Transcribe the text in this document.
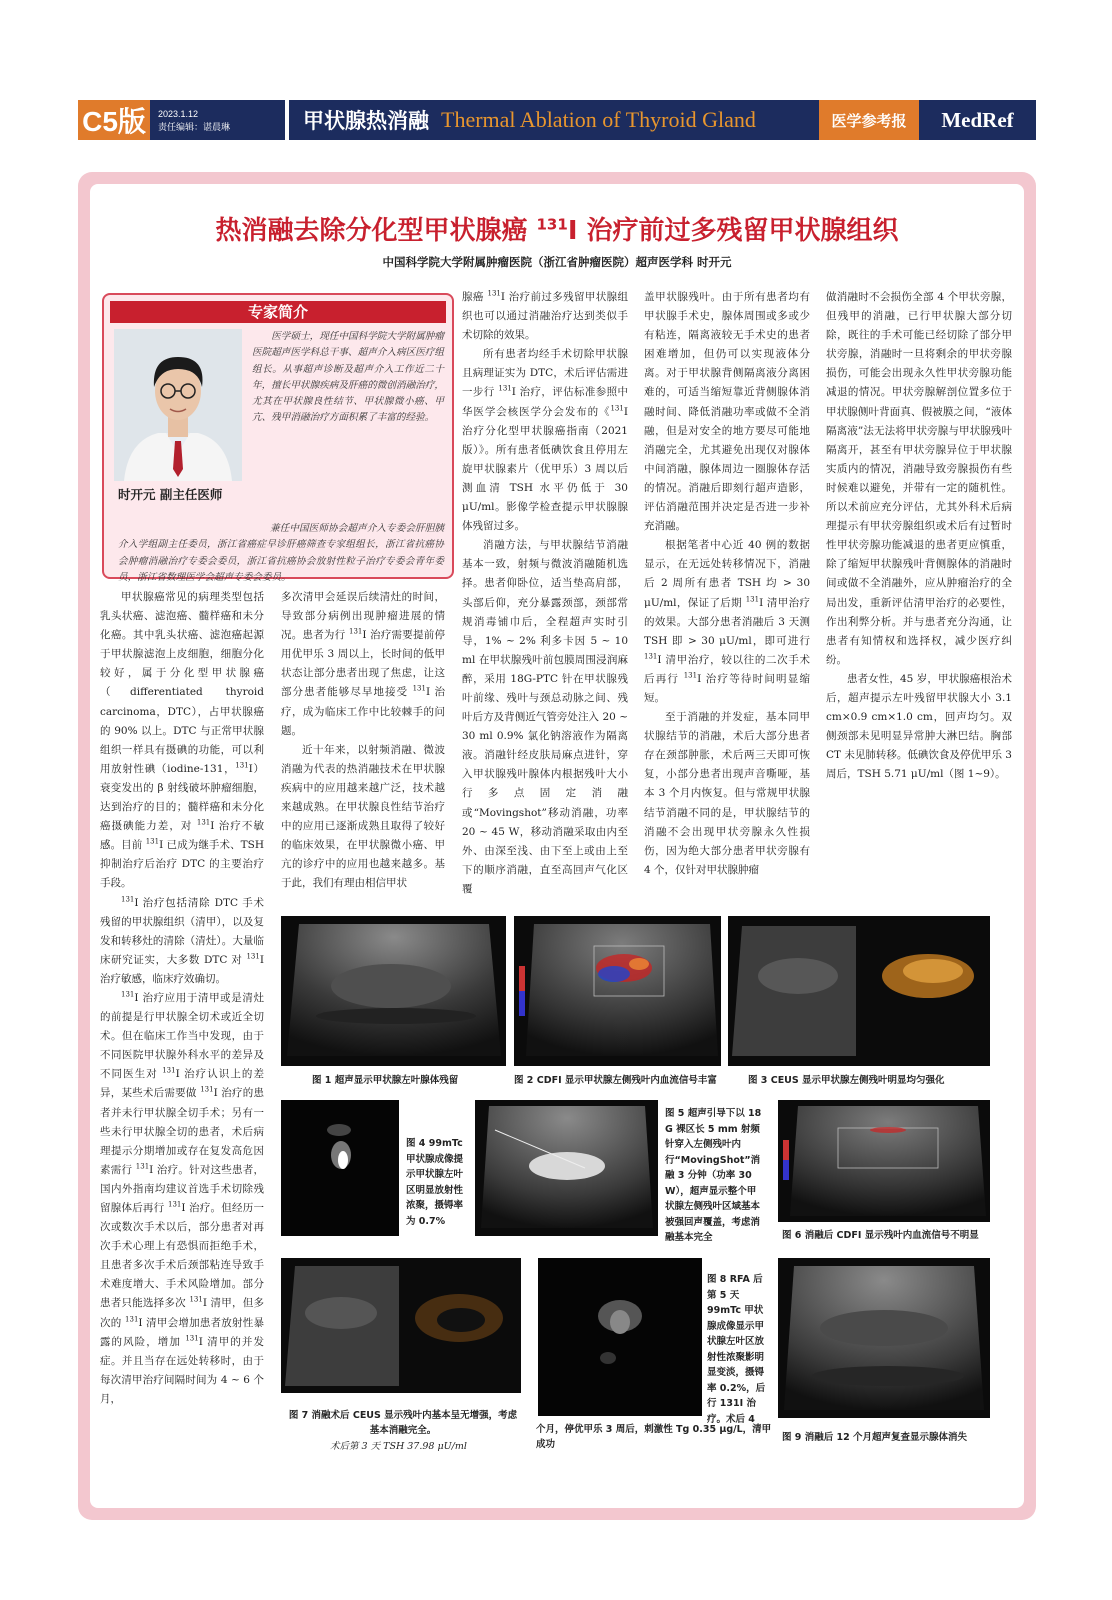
C5版	2023.1.12
责任编辑：谌晨琳	甲状腺热消融 Thermal Ablation of Thyroid Gland	医学参考报	MedRef
热消融去除分化型甲状腺癌 $^{131}$I 治疗前过多残留甲状腺组织
中国科学院大学附属肿瘤医院（浙江省肿瘤医院）超声医学科 时开元
专家简介
时开元 副主任医师
医学硕士，现任中国科学院大学附属肿瘤医院超声医学科总干事、超声介入病区医疗组组长。从事超声诊断及超声介入工作近二十年，擅长甲状腺疾病及肝癌的微创消融治疗，尤其在甲状腺良性结节、甲状腺微小癌、甲亢、残甲消融治疗方面积累了丰富的经验。
兼任中国医师协会超声介入专委会肝胆胰介入学组副主任委员，浙江省癌症早诊肝癌筛查专家组组长，浙江省抗癌协会肿瘤消融治疗专委会委员，浙江省抗癌协会放射性粒子治疗专委会青年委员，浙江省数理医学会超声专委会委员。

甲状腺癌常见的病理类型包括乳头状癌、滤泡癌、髓样癌和未分化癌。其中乳头状癌、滤泡癌起源于甲状腺滤泡上皮细胞，细胞分化较好，属于分化型甲状腺癌（differentiated thyroid carcinoma，DTC），占甲状腺癌的 90% 以上。DTC 与正常甲状腺组织一样具有摄碘的功能，可以利用放射性碘（iodine-131，$^{131}$I）衰变发出的 β 射线破坏肿瘤细胞，达到治疗的目的；髓样癌和未分化癌摄碘能力差，对 $^{131}$I 治疗不敏感。目前 $^{131}$I 已成为继手术、TSH 抑制治疗后治疗 DTC 的主要治疗手段。

$^{131}$I 治疗包括清除 DTC 手术残留的甲状腺组织（清甲），以及复发和转移灶的清除（清灶）。大量临床研究证实，大多数 DTC 对 $^{131}$I 治疗敏感，临床疗效确切。

$^{131}$I 治疗应用于清甲或是清灶的前提是行甲状腺全切术或近全切术。但在临床工作当中发现，由于不同医院甲状腺外科水平的差异及不同医生对 $^{131}$I 治疗认识上的差异，某些术后需要做 $^{131}$I 治疗的患者并未行甲状腺全切手术；另有一些未行甲状腺全切的患者，术后病理提示分期增加或存在复发高危因素需行 $^{131}$I 治疗。针对这些患者，国内外指南均建议首选手术切除残留腺体后再行 $^{131}$I 治疗。但经历一次或数次手术以后，部分患者对再次手术心理上有恐惧而拒绝手术，且患者多次手术后颈部粘连导致手术难度增大、手术风险增加。部分患者只能选择多次 $^{131}$I 清甲，但多次的 $^{131}$I 清甲会增加患者放射性暴露的风险，增加 $^{131}$I 清甲的并发症。并且当存在远处转移时，由于每次清甲治疗间隔时间为 4 ~ 6 个月，

多次清甲会延误后续清灶的时间，导致部分病例出现肿瘤进展的情况。患者为行 $^{131}$I 治疗需要提前停用优甲乐 3 周以上，长时间的低甲状态让部分患者出现了焦虑，让这部分患者能够尽早地接受 $^{131}$I 治疗，成为临床工作中比较棘手的问题。

近十年来，以射频消融、微波消融为代表的热消融技术在甲状腺疾病中的应用越来越广泛，技术越来越成熟。在甲状腺良性结节治疗中的应用已逐渐成熟且取得了较好的临床效果，在甲状腺微小癌、甲亢的诊疗中的应用也越来越多。基于此，我们有理由相信甲状

腺癌 $^{131}$I 治疗前过多残留甲状腺组织也可以通过消融治疗达到类似手术切除的效果。

所有患者均经手术切除甲状腺且病理证实为 DTC，术后评估需进一步行 $^{131}$I 治疗，评估标准参照中华医学会核医学分会发布的《$^{131}$I 治疗分化型甲状腺癌指南（2021 版）》。所有患者低碘饮食且停用左旋甲状腺素片（优甲乐）3 周以后测血清 TSH 水平仍低于 30 μU/ml。影像学检查提示甲状腺腺体残留过多。

消融方法，与甲状腺结节消融基本一致，射频与微波消融随机选择。患者仰卧位，适当垫高肩部，头部后仰，充分暴露颈部，颈部常规消毒铺巾后，全程超声实时引导，1% ~ 2% 利多卡因 5 ~ 10 ml 在甲状腺残叶前包膜周围浸润麻醉，采用 18G-PTC 针在甲状腺残叶前缘、残叶与颈总动脉之间、残叶后方及背侧近气管旁处注入 20 ~ 30 ml 0.9% 氯化钠溶液作为隔离液。消融针经皮肤局麻点进针，穿入甲状腺残叶腺体内根据残叶大小行多点固定消融或“Movingshot”移动消融，功率 20 ~ 45 W，移动消融采取由内至外、由深至浅、由下至上或由上至下的顺序消融，直至高回声气化区覆

盖甲状腺残叶。由于所有患者均有甲状腺手术史，腺体周围或多或少有粘连，隔离液较无手术史的患者困难增加，但仍可以实现液体分离。对于甲状腺背侧隔离液分离困难的，可适当缩短靠近背侧腺体消融时间、降低消融功率或做不全消融，但是对安全的地方要尽可能地消融完全，尤其避免出现仅对腺体中间消融，腺体周边一圈腺体存活的情况。消融后即刻行超声造影，评估消融范围并决定是否进一步补充消融。

根据笔者中心近 40 例的数据显示，在无远处转移情况下，消融后 2 周所有患者 TSH 均 > 30 μU/ml，保证了后期 $^{131}$I 清甲治疗的效果。大部分患者消融后 3 天测 TSH 即 > 30 μU/ml，即可进行 $^{131}$I 清甲治疗，较以往的二次手术后再行 $^{131}$I 治疗等待时间明显缩短。

至于消融的并发症，基本同甲状腺结节的消融，术后大部分患者存在颈部肿胀，术后两三天即可恢复，小部分患者出现声音嘶哑，基本 3 个月内恢复。但与常规甲状腺结节消融不同的是，甲状腺结节的消融不会出现甲状旁腺永久性损伤，因为绝大部分患者甲状旁腺有 4 个，仅针对甲状腺肿瘤

做消融时不会损伤全部 4 个甲状旁腺，但残甲的消融，已行甲状腺大部分切除，既往的手术可能已经切除了部分甲状旁腺，消融时一旦将剩余的甲状旁腺损伤，可能会出现永久性甲状旁腺功能减退的情况。甲状旁腺解剖位置多位于甲状腺侧叶背面真、假被膜之间，“液体隔离液”法无法将甲状旁腺与甲状腺残叶隔离开，甚至有甲状旁腺异位于甲状腺实质内的情况，消融导致旁腺损伤有些时候难以避免，并带有一定的随机性。所以术前应充分评估，尤其外科术后病理提示有甲状旁腺组织或术后有过暂时性甲状旁腺功能减退的患者更应慎重，除了缩短甲状腺残叶背侧腺体的消融时间或做不全消融外，应从肿瘤治疗的全局出发，重新评估清甲治疗的必要性，作出利弊分析。并与患者充分沟通，让患者有知情权和选择权，减少医疗纠纷。

患者女性，45 岁，甲状腺癌根治术后，超声提示左叶残留甲状腺大小 3.1 cm×0.9 cm×1.0 cm，回声均匀。双侧颈部未见明显异常肿大淋巴结。胸部 CT 未见肺转移。低碘饮食及停优甲乐 3 周后，TSH 5.71 μU/ml（图 1~9）。

图 1 超声显示甲状腺左叶腺体残留	图 2 CDFI 显示甲状腺左侧残叶内血流信号丰富	图 3 CEUS 显示甲状腺左侧残叶明显均匀强化
图 4 99mTc 甲状腺成像提示甲状腺左叶区明显放射性浓聚，摄锝率为 0.7%
图 5 超声引导下以 18 G 裸区长 5 mm 射频针穿入左侧残叶内行“MovingShot”消融 3 分钟（功率 30 W），超声显示整个甲状腺左侧残叶区域基本被强回声覆盖，考虑消融基本完全	图 6 消融后 CDFI 显示残叶内血流信号不明显
图 7 消融术后 CEUS 显示残叶内基本呈无增强，考虑基本消融完全。
术后第 3 天 TSH 37.98 μU/ml
图 8 RFA 后第 5 天 99mTc 甲状腺成像显示甲状腺左叶区放射性浓聚影明显变淡，摄锝率 0.2%，后行 131I 治疗。术后 4
个月，停优甲乐 3 周后，刺激性 Tg 0.35 μg/L，清甲成功
图 9 消融后 12 个月超声复查显示腺体消失
